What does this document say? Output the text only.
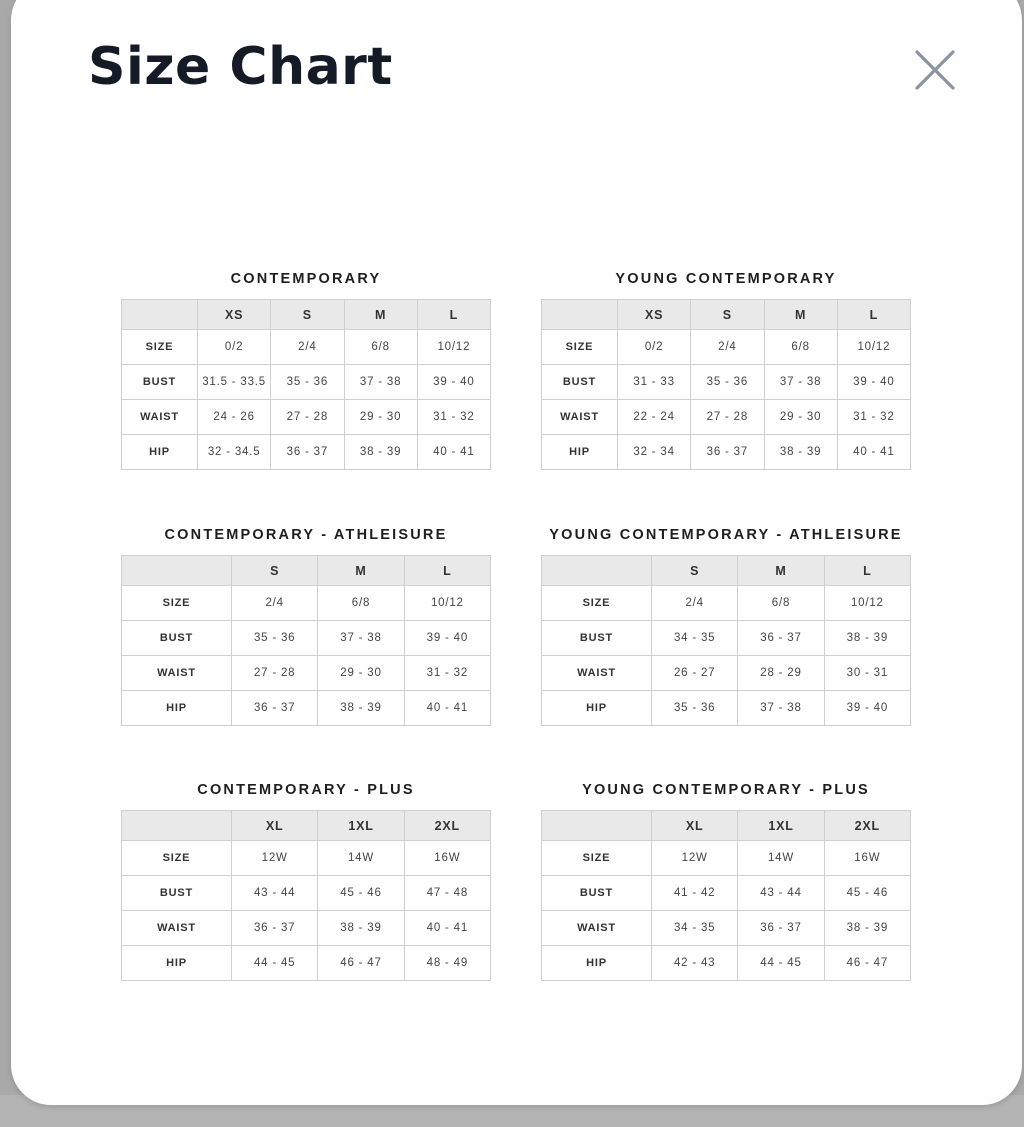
Size Chart
CONTEMPORARY
	XS	S	M	L
SIZE	0/2	2/4	6/8	10/12
BUST	31.5 - 33.5	35 - 36	37 - 38	39 - 40
WAIST	24 - 26	27 - 28	29 - 30	31 - 32
HIP	32 - 34.5	36 - 37	38 - 39	40 - 41
YOUNG CONTEMPORARY
	XS	S	M	L
SIZE	0/2	2/4	6/8	10/12
BUST	31 - 33	35 - 36	37 - 38	39 - 40
WAIST	22 - 24	27 - 28	29 - 30	31 - 32
HIP	32 - 34	36 - 37	38 - 39	40 - 41
CONTEMPORARY - ATHLEISURE
	S	M	L
SIZE	2/4	6/8	10/12
BUST	35 - 36	37 - 38	39 - 40
WAIST	27 - 28	29 - 30	31 - 32
HIP	36 - 37	38 - 39	40 - 41
YOUNG CONTEMPORARY - ATHLEISURE
	S	M	L
SIZE	2/4	6/8	10/12
BUST	34 - 35	36 - 37	38 - 39
WAIST	26 - 27	28 - 29	30 - 31
HIP	35 - 36	37 - 38	39 - 40
CONTEMPORARY - PLUS
	XL	1XL	2XL
SIZE	12W	14W	16W
BUST	43 - 44	45 - 46	47 - 48
WAIST	36 - 37	38 - 39	40 - 41
HIP	44 - 45	46 - 47	48 - 49
YOUNG CONTEMPORARY - PLUS
	XL	1XL	2XL
SIZE	12W	14W	16W
BUST	41 - 42	43 - 44	45 - 46
WAIST	34 - 35	36 - 37	38 - 39
HIP	42 - 43	44 - 45	46 - 47
